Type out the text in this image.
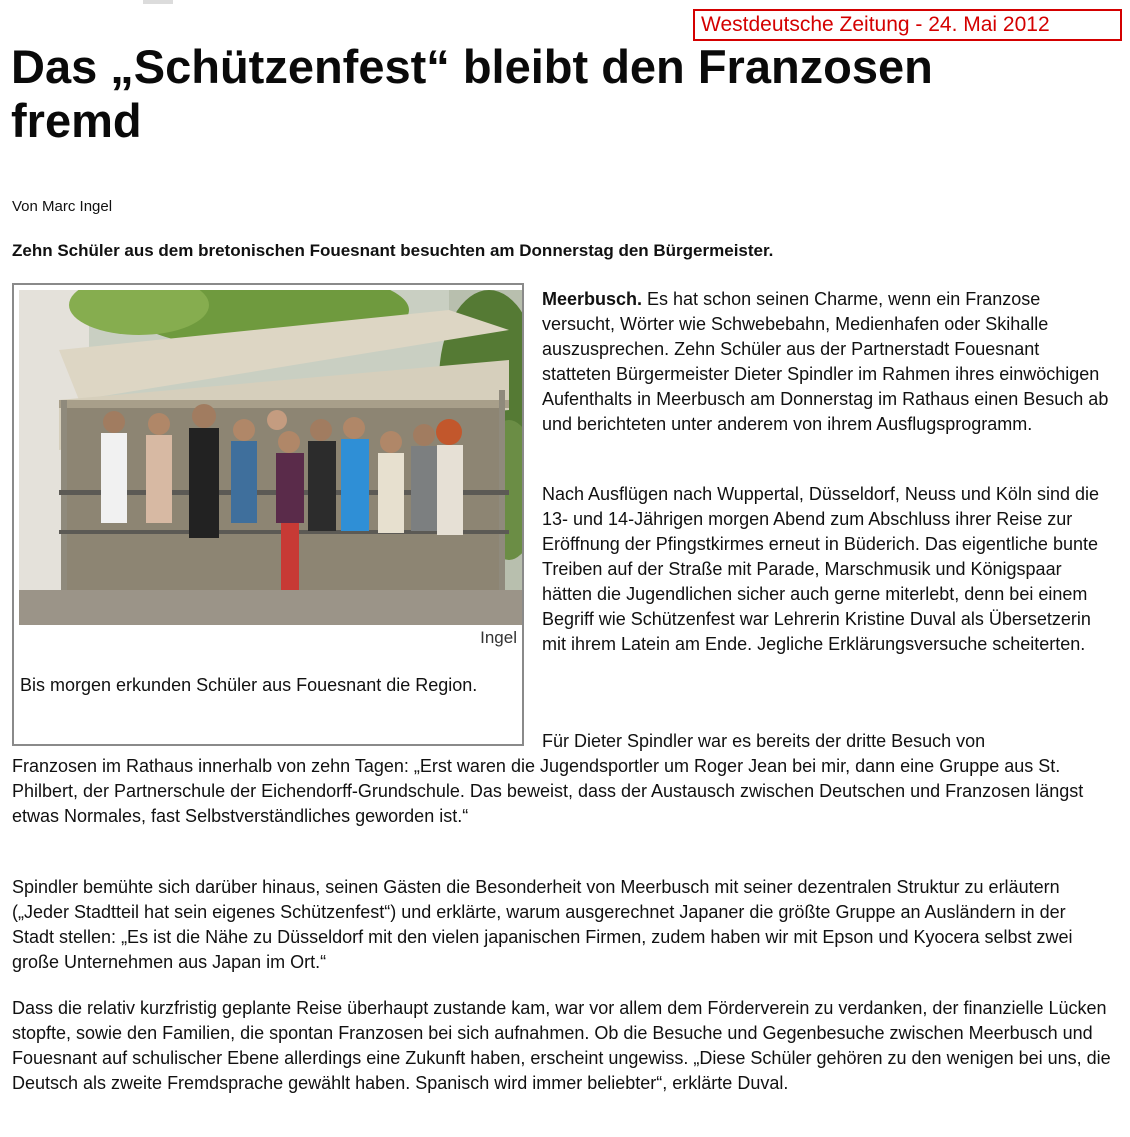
Westdeutsche Zeitung - 24. Mai 2012
Das „Schützenfest“ bleibt den Franzosen fremd

Von Marc Ingel

Zehn Schüler aus dem bretonischen Fouesnant besuchten am Donnerstag den Bürgermeister.

Ingel

Bis morgen erkunden Schüler aus Fouesnant die Region.

Meerbusch. Es hat schon seinen Charme, wenn ein Franzose versucht, Wörter wie Schwebebahn, Medienhafen oder Skihalle auszusprechen. Zehn Schüler aus der Partnerstadt Fouesnant statteten Bürgermeister Dieter Spindler im Rahmen ihres einwöchigen Aufenthalts in Meerbusch am Donnerstag im Rathaus einen Besuch ab und berichteten unter anderem von ihrem Ausflugsprogramm.

Nach Ausflügen nach Wuppertal, Düsseldorf, Neuss und Köln sind die 13- und 14-Jährigen morgen Abend zum Abschluss ihrer Reise zur Eröffnung der Pfingstkirmes erneut in Büderich. Das eigentliche bunte Treiben auf der Straße mit Parade, Marschmusik und Königspaar hätten die Jugendlichen sicher auch gerne miterlebt, denn bei einem Begriff wie Schützenfest war Lehrerin Kristine Duval als Übersetzerin mit ihrem Latein am Ende. Jegliche Erklärungsversuche scheiterten.

Für Dieter Spindler war es bereits der dritte Besuch von

Franzosen im Rathaus innerhalb von zehn Tagen: „Erst waren die Jugendsportler um Roger Jean bei mir, dann eine Gruppe aus St. Philbert, der Partnerschule der Eichendorff-Grundschule. Das beweist, dass der Austausch zwischen Deutschen und Franzosen längst etwas Normales, fast Selbstverständliches geworden ist.“

Spindler bemühte sich darüber hinaus, seinen Gästen die Besonderheit von Meerbusch mit seiner dezentralen Struktur zu erläutern („Jeder Stadtteil hat sein eigenes Schützenfest“) und erklärte, warum ausgerechnet Japaner die größte Gruppe an Ausländern in der Stadt stellen: „Es ist die Nähe zu Düsseldorf mit den vielen japanischen Firmen, zudem haben wir mit Epson und Kyocera selbst zwei große Unternehmen aus Japan im Ort.“

Dass die relativ kurzfristig geplante Reise überhaupt zustande kam, war vor allem dem Förderverein zu verdanken, der finanzielle Lücken stopfte, sowie den Familien, die spontan Franzosen bei sich aufnahmen. Ob die Besuche und Gegenbesuche zwischen Meerbusch und Fouesnant auf schulischer Ebene allerdings eine Zukunft haben, erscheint ungewiss. „Diese Schüler gehören zu den wenigen bei uns, die Deutsch als zweite Fremdsprache gewählt haben. Spanisch wird immer beliebter“, erklärte Duval.
